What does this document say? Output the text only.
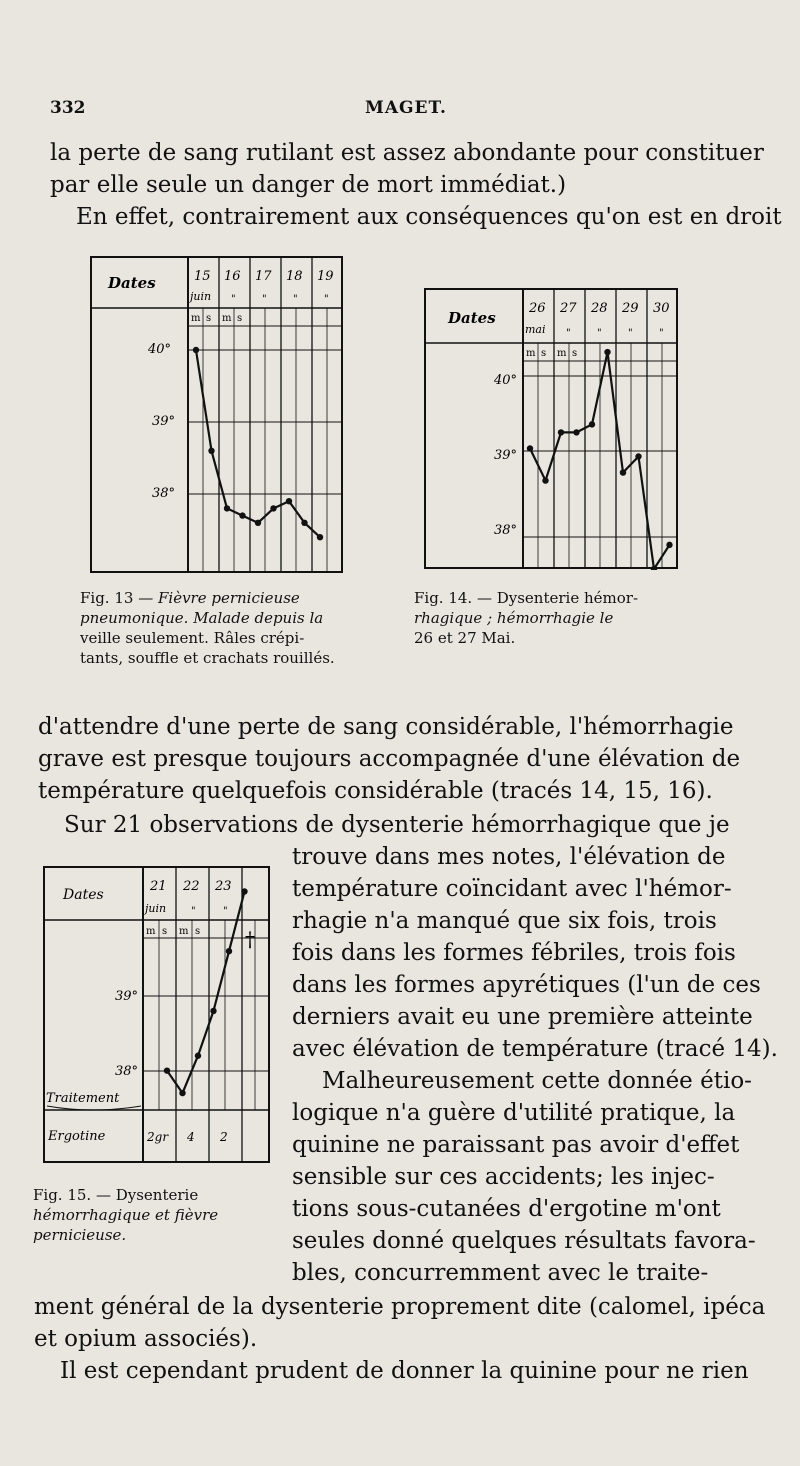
332	MAGET.
la perte de sang rutilant est assez abondante pour constituer
par elle seule un danger de mort immédiat.)
En effet, contrairement aux conséquences qu'on est en droit
Dates	15 16 17 18 19
juin "	"	"	"
m s m s
40°
39°
38°
Dates
26 27 28 29 30
mai "	"	"	"
m s m s
40°
39°
38°
Fig. 13 — Fièvre pernicieuse
pneumonique. Malade depuis la
veille seulement. Râles crépi-
tants, souffle et crachats rouillés.
Fig. 14. — Dysenterie hémor-
rhagique ; hémorrhagie le
26 et 27 Mai.
d'attendre d'une perte de sang considérable, l'hémorrhagie
grave est presque toujours accompagnée d'une élévation de
température quelquefois considérable (tracés 14, 15, 16).
Sur 21 observations de dysenterie hémorrhagique que je
Dates
21 22 23
juin "	"
m s m s
39°
38°
Traitement
Ergotine	2gr 4 2
†
Fig. 15. — Dysenterie
hémorrhagique et fièvre
pernicieuse.
trouve dans mes notes, l'élévation de
température coïncidant avec l'hémor-
rhagie n'a manqué que six fois, trois
fois dans les formes fébriles, trois fois
dans les formes apyrétiques (l'un de ces
derniers avait eu une première atteinte
avec élévation de température (tracé 14).
Malheureusement cette donnée étio-
logique n'a guère d'utilité pratique, la
quinine ne paraissant pas avoir d'effet
sensible sur ces accidents; les injec-
tions sous-cutanées d'ergotine m'ont
seules donné quelques résultats favora-
bles, concurremment avec le traite-
ment général de la dysenterie proprement dite (calomel, ipéca
et opium associés).
Il est cependant prudent de donner la quinine pour ne rien
